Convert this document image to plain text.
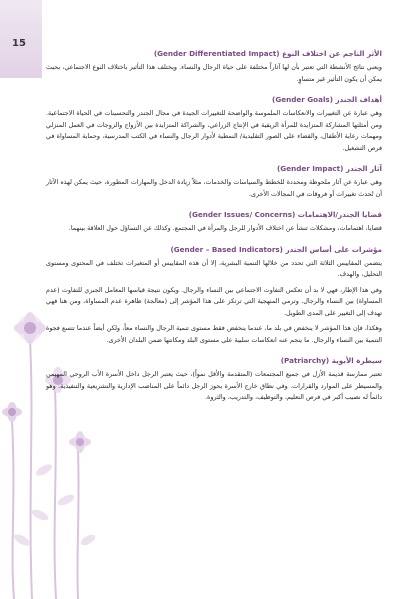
15
الأثر الناجم عن اختلاف النوع (Gender Differentiated Impact)

ويعني نتائج الأنشطة التي تعتبر بأن لها آثاراً مختلفة على حياة الرجال والنساء. ويختلف هذا التأثير باختلاف النوع الاجتماعي، بحيث يمكن أن يكون التأثير غير متساوٍ.

أهداف الجندر (Gender Goals)

وهي عبارة عن التغييرات والانعكاسات الملموسة والواضحة للتغييرات الجيدة في مجال الجندر والتحسينات في الحياة الاجتماعية. ومن أمثلتها المشاركة المتزايدة للمرأة الريفية في الإنتاج الزراعي، والشراكة المتزايدة بين الأزواج والزوجات في العمل المنزلي ومهمات رعاية الأطفال، والقضاء على الصور التقليدية/ النمطية لأدوار الرجال والنساء في الكتب المدرسية، وحماية المساواة في فرص التشغيل.

آثار الجندر (Gender Impact)

وهي عبارة عن آثار ملحوظة ومحددة للخطط والسياسات والخدمات، مثلاً زيادة الدخل والمهارات المطورة، حيث يمكن لهذه الآثار أن تُحدث تغييرات أو فروقات في المجالات الأخرى.

قضايا الجندر/الاهتمامات (Gender Issues/ Concerns)

قضايا، اهتمامات، ومشكلات تنشأ عن اختلاف الأدوار للرجل والمرأة في المجتمع. وكذلك عن التساؤل حول العلاقة بينهما.

مؤشرات على أساس الجندر (Gender – Based Indicators)

يتضمن المقاييس الثلاثة التي تحدد من خلالها التنمية البشرية، إلا أن هذه المقاييس أو المتغيرات تختلف في المحتوى ومستوى التحليل، والهدف.

وفي هذا الإطار، فهي لا بد أن تعكس التفاوت الاجتماعي بين النساء والرجال. ويكون نتيجة قياسها المعامل الجبري للتفاوت (عدم المساواة) بين النساء والرجال. وترمي المنهجية التي ترتكز على هذا المؤشر إلى (معالجة) ظاهرة عدم المساواة، ومن هنا فهي تهدف إلى التغيير على المدى الطويل.

وهكذا، فإن هذا المؤشر لا ينخفض في بلد ما، عندما ينخفض فقط مستوى تنمية الرجال والنساء معاً، ولكن أيضاً عندما تتسع فجوة التنمية بين النساء والرجال. ما ينجم عنه انعكاسات سلبية على مستوى البلد ومكانتها ضمن البلدان الأخرى.

سيطرة الأبوية (Patriarchy)

تعتبر ممارسة قديمة الأزل في جميع المجتمعات (المتقدمة والأقل نمواً)، حيث يعتبر الرجل داخل الأسرة الأب الروحي المهيمن والمسيطر على الموارد والقرارات. وفي نطاق خارج الأسرة يحوز الرجل دائماً على المناصب الإدارية والتشريعية والتنفيذية. وهو دائماً له نصيب أكبر في فرص التعليم، والتوظيف، والتدريب، والثروة.
